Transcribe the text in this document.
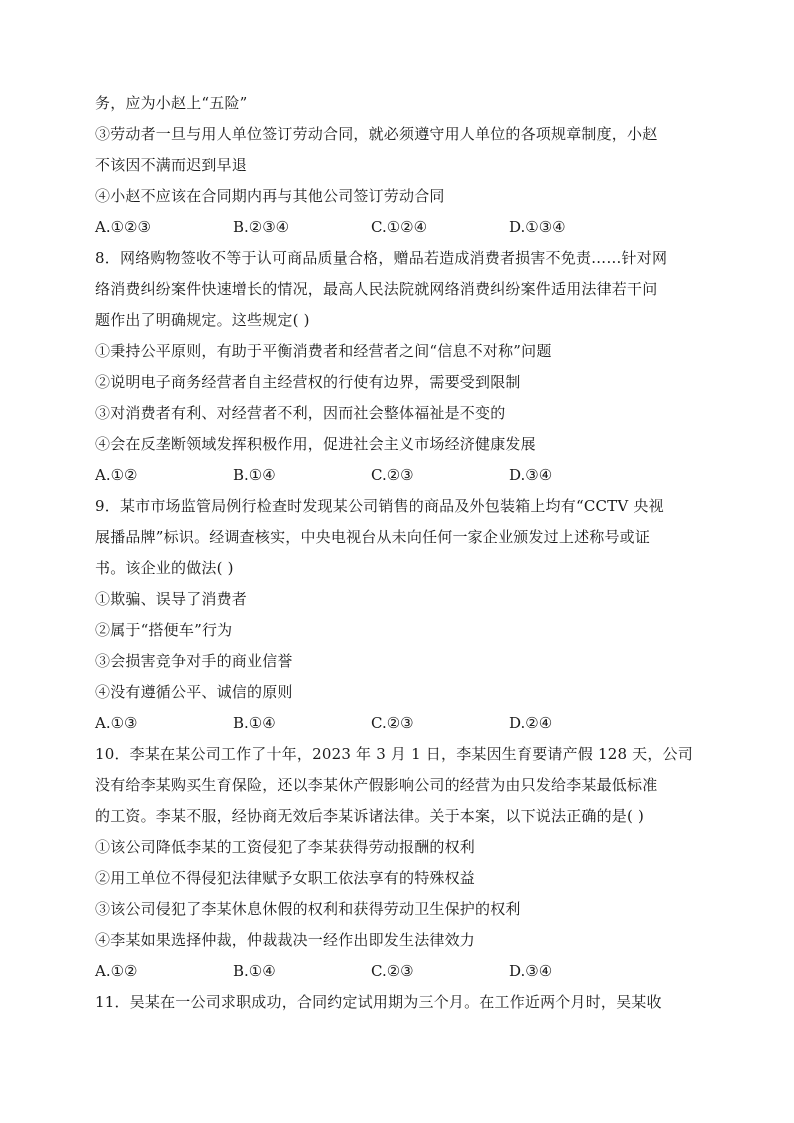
务，应为小赵上“五险”
③劳动者一旦与用人单位签订劳动合同，就必须遵守用人单位的各项规章制度，小赵
不该因不满而迟到早退
④小赵不应该在合同期内再与其他公司签订劳动合同
A.①②③	B.②③④	C.①②④	D.①③④
8．网络购物签收不等于认可商品质量合格，赠品若造成消费者损害不免责……针对网
络消费纠纷案件快速增长的情况，最高人民法院就网络消费纠纷案件适用法律若干问
题作出了明确规定。这些规定( )
①秉持公平原则，有助于平衡消费者和经营者之间“信息不对称”问题
②说明电子商务经营者自主经营权的行使有边界，需要受到限制
③对消费者有利、对经营者不利，因而社会整体福祉是不变的
④会在反垄断领域发挥积极作用，促进社会主义市场经济健康发展
A.①②	B.①④	C.②③	D.③④
9．某市市场监管局例行检查时发现某公司销售的商品及外包装箱上均有“CCTV 央视
展播品牌”标识。经调查核实，中央电视台从未向任何一家企业颁发过上述称号或证
书。该企业的做法( )
①欺骗、误导了消费者
②属于“搭便车”行为
③会损害竞争对手的商业信誉
④没有遵循公平、诚信的原则
A.①③	B.①④	C.②③	D.②④
10．李某在某公司工作了十年，2023 年 3 月 1 日，李某因生育要请产假 128 天，公司
没有给李某购买生育保险，还以李某休产假影响公司的经营为由只发给李某最低标准
的工资。李某不服，经协商无效后李某诉诸法律。关于本案，以下说法正确的是( )
①该公司降低李某的工资侵犯了李某获得劳动报酬的权利
②用工单位不得侵犯法律赋予女职工依法享有的特殊权益
③该公司侵犯了李某休息休假的权利和获得劳动卫生保护的权利
④李某如果选择仲裁，仲裁裁决一经作出即发生法律效力
A.①②	B.①④	C.②③	D.③④
11．吴某在一公司求职成功，合同约定试用期为三个月。在工作近两个月时，吴某收
